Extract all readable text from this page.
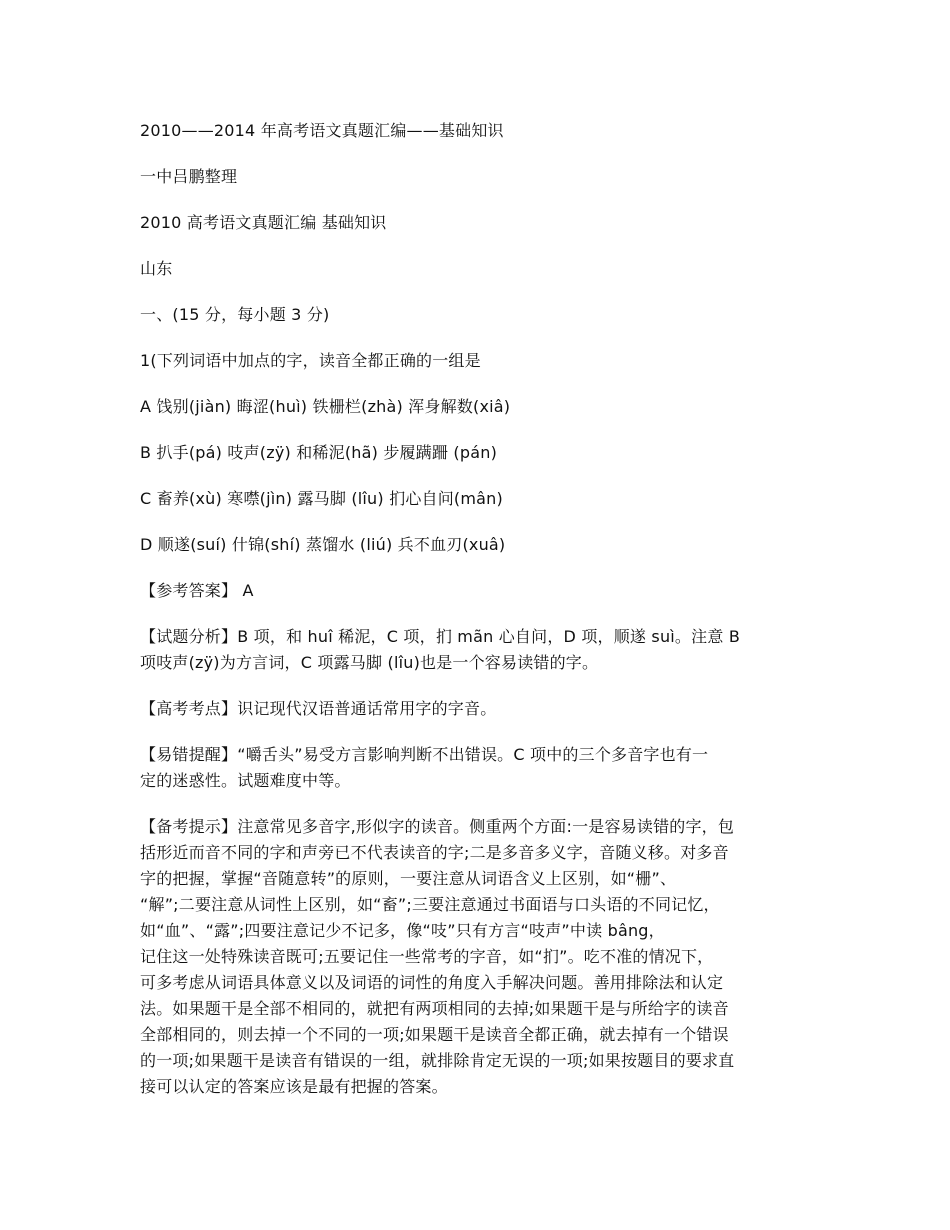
2010——2014 年高考语文真题汇编——基础知识
一中吕鹏整理
2010 高考语文真题汇编 基础知识
山东
一、(15 分，每小题 3 分)
1(下列词语中加点的字，读音全都正确的一组是
A 饯别(jiàn) 晦涩(huì) 铁栅栏(zhà) 浑身解数(xiâ)
B 扒手(pá) 吱声(zÿ) 和稀泥(hã) 步履蹒跚 (pán)
C 畜养(xù) 寒噤(jìn) 露马脚 (lîu) 扪心自问(mân)
D 顺遂(suí) 什锦(shí) 蒸馏水 (liú) 兵不血刃(xuâ)
【参考答案】 A
【试题分析】B 项，和 huî 稀泥，C 项，扪 mãn 心自问，D 项，顺遂 suì。注意 B
项吱声(zÿ)为方言词，C 项露马脚 (lîu)也是一个容易读错的字。
【高考考点】识记现代汉语普通话常用字的字音。
【易错提醒】“嚼舌头”易受方言影响判断不出错误。C 项中的三个多音字也有一
定的迷惑性。试题难度中等。
【备考提示】注意常见多音字,形似字的读音。侧重两个方面:一是容易读错的字，包
括形近而音不同的字和声旁已不代表读音的字;二是多音多义字，音随义移。对多音
字的把握，掌握“音随意转”的原则，一要注意从词语含义上区别，如“栅”、
“解”;二要注意从词性上区别，如“畜”;三要注意通过书面语与口头语的不同记忆，
如“血”、“露”;四要注意记少不记多，像“吱”只有方言“吱声”中读 bâng，
记住这一处特殊读音既可;五要记住一些常考的字音，如“扪”。吃不准的情况下，
可多考虑从词语具体意义以及词语的词性的角度入手解决问题。善用排除法和认定
法。如果题干是全部不相同的，就把有两项相同的去掉;如果题干是与所给字的读音
全部相同的，则去掉一个不同的一项;如果题干是读音全都正确，就去掉有一个错误
的一项;如果题干是读音有错误的一组，就排除肯定无误的一项;如果按题目的要求直
接可以认定的答案应该是最有把握的答案。
